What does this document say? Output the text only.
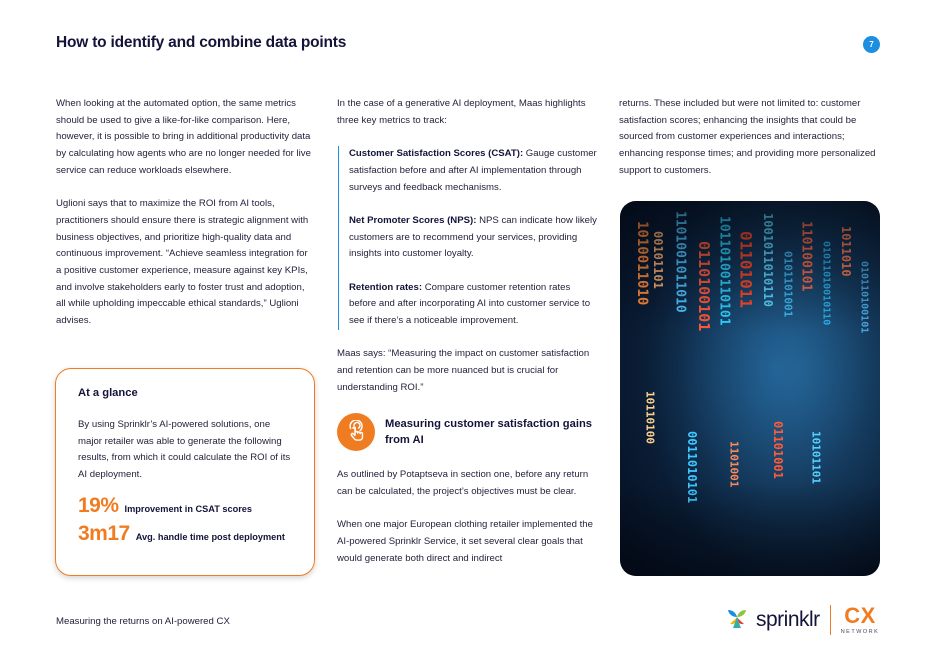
How to identify and combine data points	7

When looking at the automated option, the same metrics should be used to give a like-for-like comparison. Here, however, it is possible to bring in additional productivity data by calculating how agents who are no longer needed for live service can reduce workloads elsewhere.

Uglioni says that to maximize the ROI from AI tools, practitioners should ensure there is strategic alignment with business objectives, and prioritize high-quality data and continuous improvement. “Achieve seamless integration for a positive customer experience, measure against key KPIs, and involve stakeholders early to foster trust and adoption, all while upholding impeccable ethical standards,” Uglioni advises.

At a glance

By using Sprinklr’s AI-powered solutions, one major retailer was able to generate the following results, from which it could calculate the ROI of its AI deployment.

19% Improvement in CSAT scores
3m17 Avg. handle time post deployment

In the case of a generative AI deployment, Maas highlights three key metrics to track:

Customer Satisfaction Scores (CSAT): Gauge customer satisfaction before and after AI implementation through surveys and feedback mechanisms.

Net Promoter Scores (NPS): NPS can indicate how likely customers are to recommend your services, providing insights into customer loyalty.

Retention rates: Compare customer retention rates before and after incorporating AI into customer service to see if there’s a noticeable improvement.

Maas says: “Measuring the impact on customer satisfaction and retention can be more nuanced but is crucial for understanding ROI.”

Measuring customer satisfaction gains from AI

As outlined by Potaptseva in section one, before any return can be calculated, the project’s objectives must be clear.

When one major European clothing retailer implemented the AI-powered Sprinklr Service, it set several clear goals that would generate both direct and indirect

returns. These included but were not limited to: customer satisfaction scores; enhancing the insights that could be sourced from customer experiences and interactions; enhancing response times; and providing more personalized support to customers.

Measuring the returns on AI-powered CX	sprinklr CX
NETWORK
